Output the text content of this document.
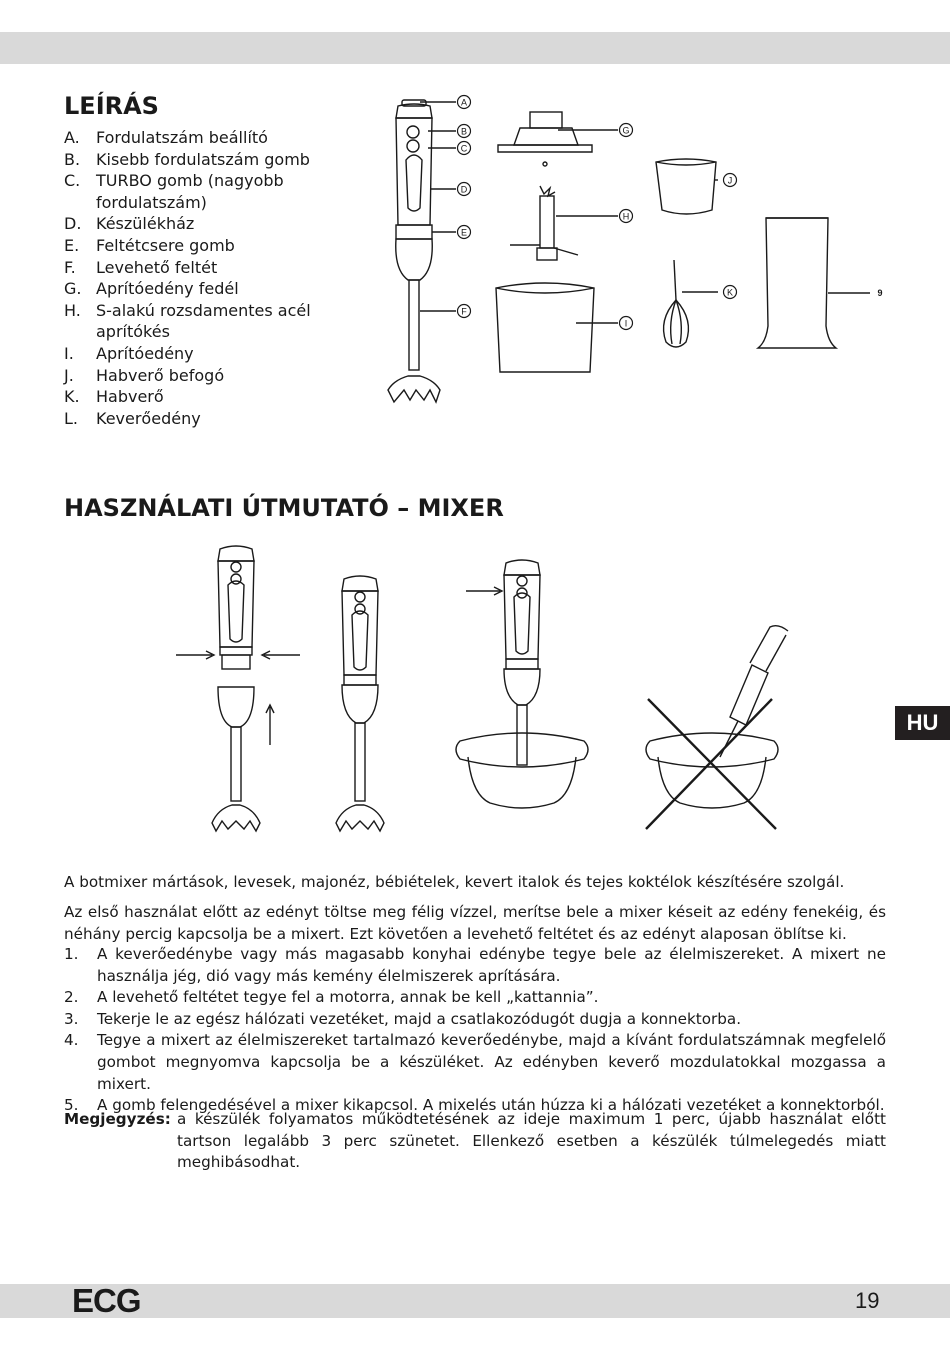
LEÍRÁS
A. Fordulatszám beállító
B. Kisebb fordulatszám gomb
C. TURBO gomb (nagyobb fordulatszám)
D. Készülékház
E. Feltétcsere gomb
F. Levehető feltét
G. Aprítóedény fedél
H. S-alakú rozsdamentes acél aprítókés
I. Aprítóedény
J. Habverő befogó
K. Habverő
L. Keverőedény
A
B
C
D
E
F
G
H
I
J
K	9
HASZNÁLATI ÚTMUTATÓ – MIXER
HU

A botmixer mártások, levesek, majonéz, bébiételek, kevert italok és tejes koktélok készítésére szolgál.

Az első használat előtt az edényt töltse meg félig vízzel, merítse bele a mixer késeit az edény fenekéig, és néhány percig kapcsolja be a mixert. Ezt követően a levehető feltétet és az edényt alaposan öblítse ki.

1. A keverőedénybe vagy más magasabb konyhai edénybe tegye bele az élelmiszereket. A mixert ne használja jég, dió vagy más kemény élelmiszerek aprítására.
2. A levehető feltétet tegye fel a motorra, annak be kell „kattannia”.
3. Tekerje le az egész hálózati vezetéket, majd a csatlakozódugót dugja a konnektorba.
4. Tegye a mixert az élelmiszereket tartalmazó keverőedénybe, majd a kívánt fordulatszámnak megfelelő gombot megnyomva kapcsolja be a készüléket. Az edényben keverő mozdulatokkal mozgassa a mixert.
5. A gomb felengedésével a mixer kikapcsol. A mixelés után húzza ki a hálózati vezetéket a konnektorból.
Megjegyzés: a készülék folyamatos működtetésének az ideje maximum 1 perc, újabb használat előtt tartson legalább 3 perc szünetet. Ellenkező esetben a készülék túlmelegedés miatt meghibásodhat.
ECG	19
